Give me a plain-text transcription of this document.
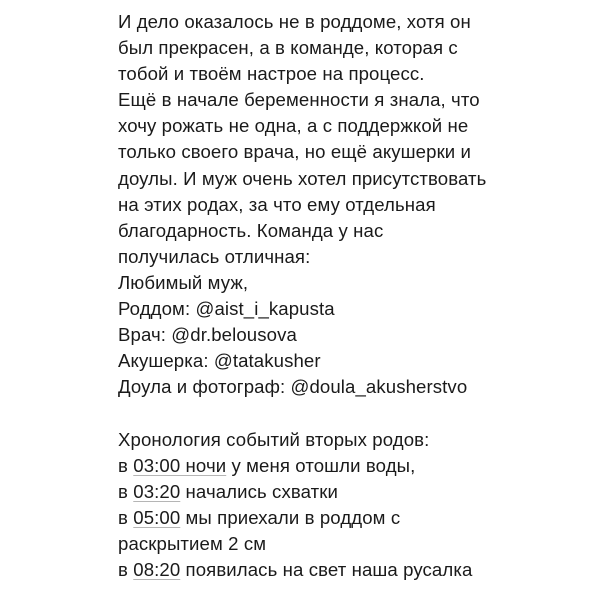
И дело оказалось не в роддоме, хотя он
был прекрасен, а в команде, которая с
тобой и твоём настрое на процесс.
Ещё в начале беременности я знала, что
хочу рожать не одна, а с поддержкой не
только своего врача, но ещё акушерки и
доулы. И муж очень хотел присутствовать
на этих родах, за что ему отдельная
благодарность. Команда у нас
получилась отличная:
Любимый муж,
Роддом: @aist_i_kapusta
Врач: @dr.belousova
Акушерка: @tatakusher
Доула и фотограф: @doula_akusherstvo
Хронология событий вторых родов:
в 03:00 ночи у меня отошли воды,
в 03:20 начались схватки
в 05:00 мы приехали в роддом с
раскрытием 2 см
в 08:20 появилась на свет наша русалка
